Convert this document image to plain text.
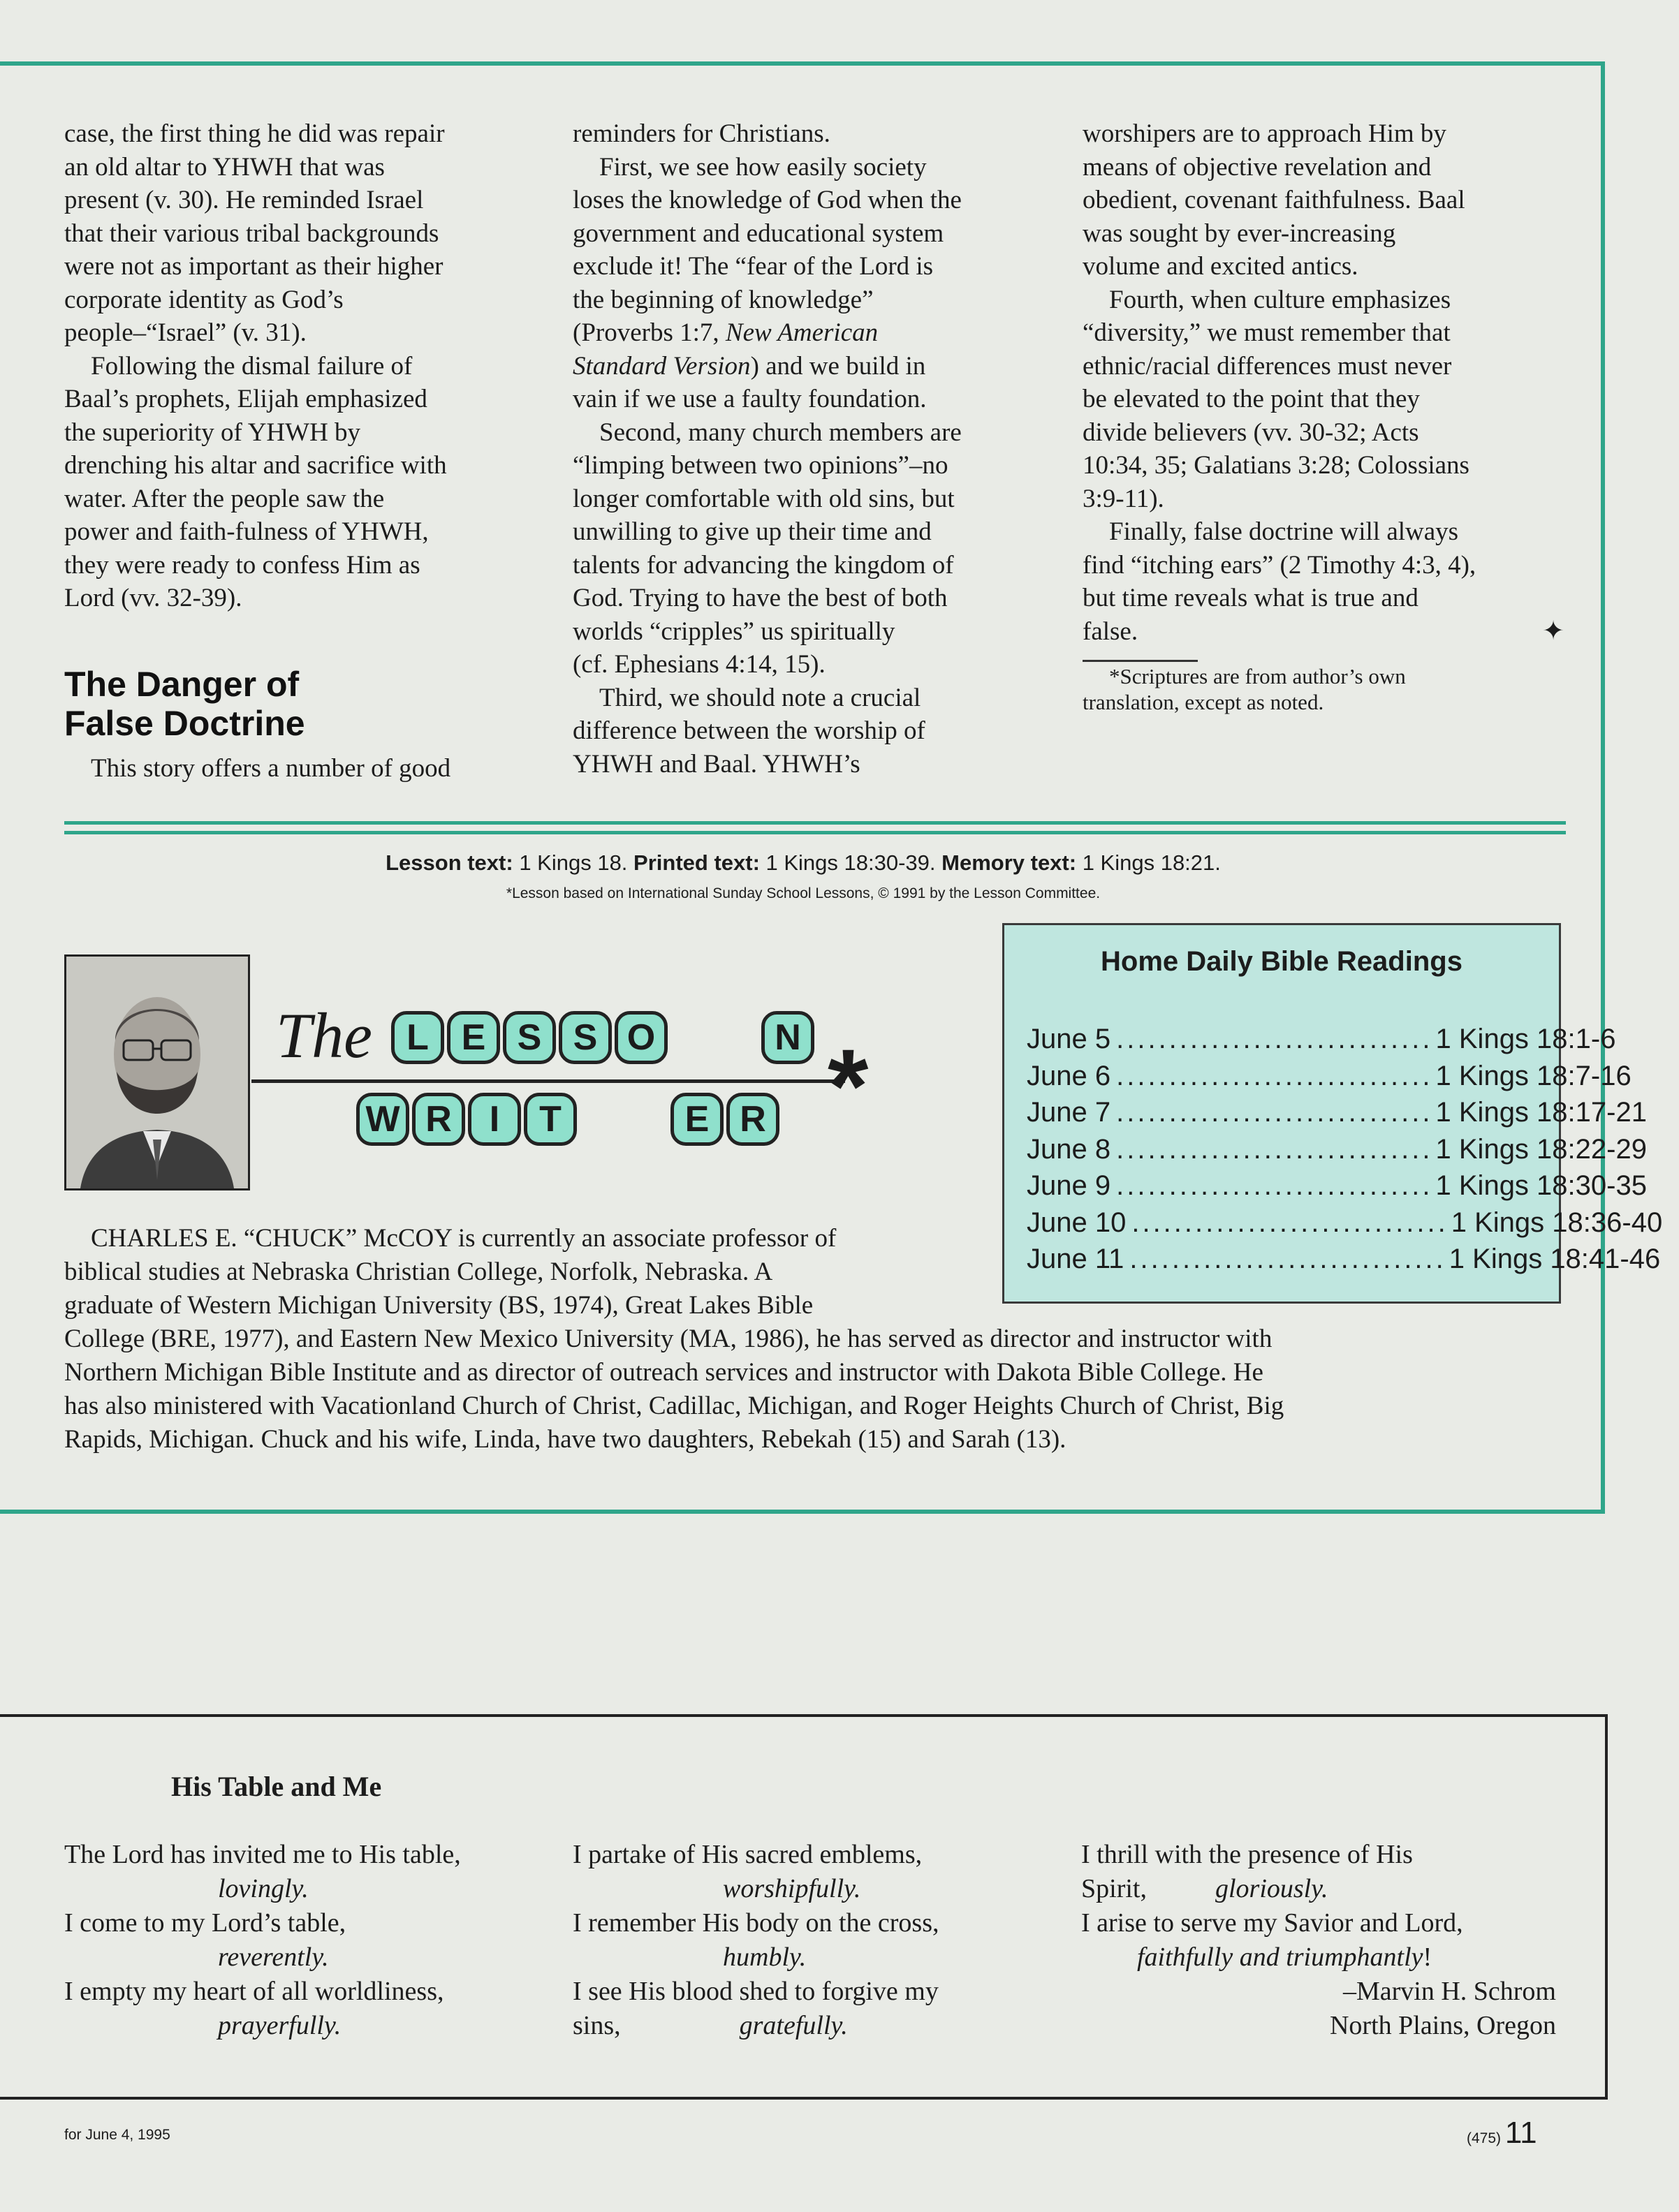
case, the first thing he did was repair

an old altar to YHWH that was

present (v. 30). He reminded Israel

that their various tribal backgrounds

were not as important as their higher

corporate identity as God’s

people–“Israel” (v. 31).

Following the dismal failure of

Baal’s prophets, Elijah emphasized

the superiority of YHWH by

drenching his altar and sacrifice with

water. After the people saw the

power and faith-fulness of YHWH,

they were ready to confess Him as

Lord (vv. 32-39).

The Danger of
False Doctrine

This story offers a number of good

reminders for Christians.

First, we see how easily society

loses the knowledge of God when the

government and educational system

exclude it! The “fear of the Lord is

the beginning of knowledge”

(Proverbs 1:7, New American

Standard Version) and we build in

vain if we use a faulty foundation.

Second, many church members are

“limping between two opinions”–no

longer comfortable with old sins, but

unwilling to give up their time and

talents for advancing the kingdom of

God. Trying to have the best of both

worlds “cripples” us spiritually

(cf. Ephesians 4:14, 15).

Third, we should note a crucial

difference between the worship of

YHWH and Baal. YHWH’s

worshipers are to approach Him by

means of objective revelation and

obedient, covenant faithfulness. Baal

was sought by ever-increasing

volume and excited antics.

Fourth, when culture emphasizes

“diversity,” we must remember that

ethnic/racial differences must never

be elevated to the point that they

divide believers (vv. 30-32; Acts

10:34, 35; Galatians 3:28; Colossians

3:9-11).

Finally, false doctrine will always

find “itching ears” (2 Timothy 4:3, 4),

but time reveals what is true and

false.	✦

*Scriptures are from author’s own
translation, except as noted.
Lesson text: 1 Kings 18. Printed text: 1 Kings 18:30-39. Memory text: 1 Kings 18:21.
*Lesson based on International Sunday School Lessons, © 1991 by the Lesson Committee.
The L E S S O	N
W R	I	T	E R *
Home Daily Bible Readings
June 5 .............................. 1 Kings 18:1-6
June 6 .............................. 1 Kings 18:7-16
June 7 .............................. 1 Kings 18:17-21
June 8 .............................. 1 Kings 18:22-29
June 9 .............................. 1 Kings 18:30-35
June 10 .............................. 1 Kings 18:36-40
June 11 .............................. 1 Kings 18:41-46

CHARLES E. “CHUCK” McCOY is currently an associate professor of

biblical studies at Nebraska Christian College, Norfolk, Nebraska. A

graduate of Western Michigan University (BS, 1974), Great Lakes Bible

College (BRE, 1977), and Eastern New Mexico University (MA, 1986), he has served as director and instructor with

Northern Michigan Bible Institute and as director of outreach services and instructor with Dakota Bible College. He

has also ministered with Vacationland Church of Christ, Cadillac, Michigan, and Roger Heights Church of Christ, Big

Rapids, Michigan. Chuck and his wife, Linda, have two daughters, Rebekah (15) and Sarah (13).

His Table and Me

The Lord has invited me to His table,

lovingly.

I come to my Lord’s table,

reverently.

I empty my heart of all worldliness,

prayerfully.

I partake of His sacred emblems,

worshipfully.

I remember His body on the cross,

humbly.

I see His blood shed to forgive my

sins,	gratefully.

I thrill with the presence of His

Spirit,	gloriously.

I arise to serve my Savior and Lord,

faithfully and triumphantly!

–Marvin H. Schrom

North Plains, Oregon

for June 4, 1995	(475) 11
